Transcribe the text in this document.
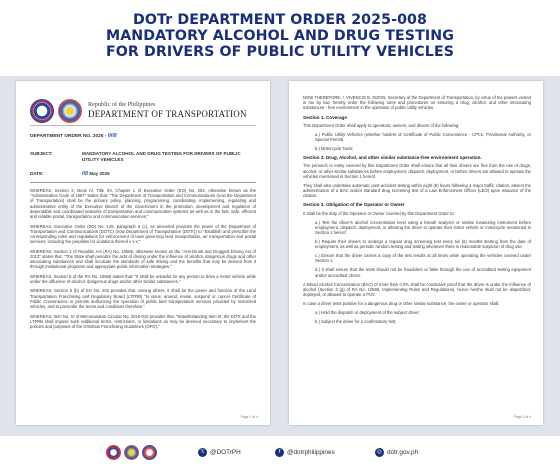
DOTr DEPARTMENT ORDER 2025-008
MANDATORY ALCOHOL AND DRUG TESTING
FOR DRIVERS OF PUBLIC UTILITY VEHICLES
Republic of the Philippines
DEPARTMENT OF TRANSPORTATION
DEPARTMENT ORDER NO. 2025 - 008
SUBJECT:	MANDATORY ALCOHOL AND DRUG TESTING FOR DRIVERS OF PUBLIC UTILITY VEHICLES
DATE:	08 May 2025

WHEREAS, Section 2, Book IV, Title XV, Chapter 1 of Executive Order (EO) No. 292, otherwise known as the "Administrative Code of 1987" states that: "The Department of Transportation and Communications (now the Department of Transportation) shall be the primary policy, planning, programming, coordinating, implementing, regulating and administrative entity of the Executive Branch of the Government in the promotion, development and regulation of dependable and coordinated networks of transportation and communication systems as well as in the fast, safe, efficient and reliable postal, transportation and communication services;"

WHEREAS, Executive Order (EO) No. 125, paragraph 5 (c), as amended provides the power of the Department of Transportation and Communications (DOTC) (now Department of Transportation (DOTr)) to "Establish and prescribe the corresponding rules and regulations for enforcement of laws governing land transportation, air transportation and postal services, including the penalties for violations thereof x x x;"

WHEREAS, Section 2 of Republic Act (RA) No. 10586, otherwise known as the "Anti-Drunk and Drugged Driving Act of 2013" states that: "The State shall penalize the acts of driving under the influence of alcohol, dangerous drugs and other intoxicating substances and shall inculcate the standards of safe driving and the benefits that may be derived from it through institutional programs and appropriate public information strategies."

WHEREAS, Section 5 of the RA No. 10586 states that: "It shall be unlawful for any person to drive a motor vehicle while under the influence of alcohol, dangerous drugs and/or other similar substances."

WHEREAS, Section 5 (b) of EO No. 202 provides that, among others, it shall be the power and function of the Land Transportation Franchising and Regulatory Board (LTFRB) "to issue, amend, revise, suspend or cancel Certificate of Public Convenience or permits authorizing the operation of public land transportation services provided by motorized vehicles, and to prescribe the terms and conditions therefore."

WHEREAS, Item No. IV of Memorandum Circular No. 2018-010 provides that: "Notwithstanding Item III, the DOTr and the LTFRB shall impose such additional terms, restrictions, or limitations as may be deemed necessary to implement the policies and purposes of the Omnibus Franchising Guidelines (OFG)."

Page 1 of 4

NOW THEREFORE, I, VIVENCIO B. DIZON, Secretary of the Department of Transportation, by virtue of the powers vested in me by law, hereby order the following rules and procedures on ensuring a drug, alcohol, and other intoxicating substances - free environment in the operation of public utility vehicles.

Section 1. Coverage

This Department Order shall apply to operators, owners, and drivers of the following:

a.) Public Utility Vehicles (whether holders of Certificate of Public Convenience - CPCs, Provisional Authority, or Special Permit)

b.) Motorcycle Taxis;

Section 2. Drug, Alcohol, and other similar substance-free environment operation.

The person/s or entity covered by this Department Order shall ensure that all their drivers are free from the use of drugs, alcohol, or other similar substances before employment, dispatch, deployment, or before drivers are allowed to operate the vehicles mentioned in Section 1 hereof.

They shall also undertake automatic post-accident testing within eight (8) hours following a major traffic citation, absent the administration of a BAC and/or standard drug screening test of a Law Enforcement Officer (LEO) upon issuance of the citation.

Section 3. Obligation of the Operator or Owner

It shall be the duty of the Operator or Owner covered by this Department Order to:

a.) Test the driver's alcohol concentration level using a breath analyzer or similar measuring instrument before employment, dispatch, deployment, or allowing the driver to operate their motor vehicle or motorcycle mentioned in Section 1 hereof;

b.) Require their drivers to undergo a regular drug screening test every six (6) months starting from the date of employment, as well as periodic random testing and testing whenever there is reasonable suspicion of drug use.

c.) Ensure that the driver carries a copy of the test results at all times while operating the vehicles covered under Section 1.

d.) It shall ensure that the tests should not be fraudulent or false through the use of accredited testing equipment and/or accredited clinics.

A Blood Alcohol Concentration (BAC) of more than 0.0% shall be conclusive proof that the driver is under the influence of alcohol (Section 3 (g) of RA No. 10586, Implementing Rules and Regulations), hence he/she shall not be dispatched, deployed, or allowed to operate a PUV.

In case a driver tests positive for a dangerous drug or other similar substance, the owner or operator shall:

a.) Hold the dispatch or deployment of the subject driver;

b.) Subject the driver for a confirmatory test;

Page 2 of 4
𝕏 @DOTrPH	f	@dotrphilippines	◎ dotr.gov.ph
